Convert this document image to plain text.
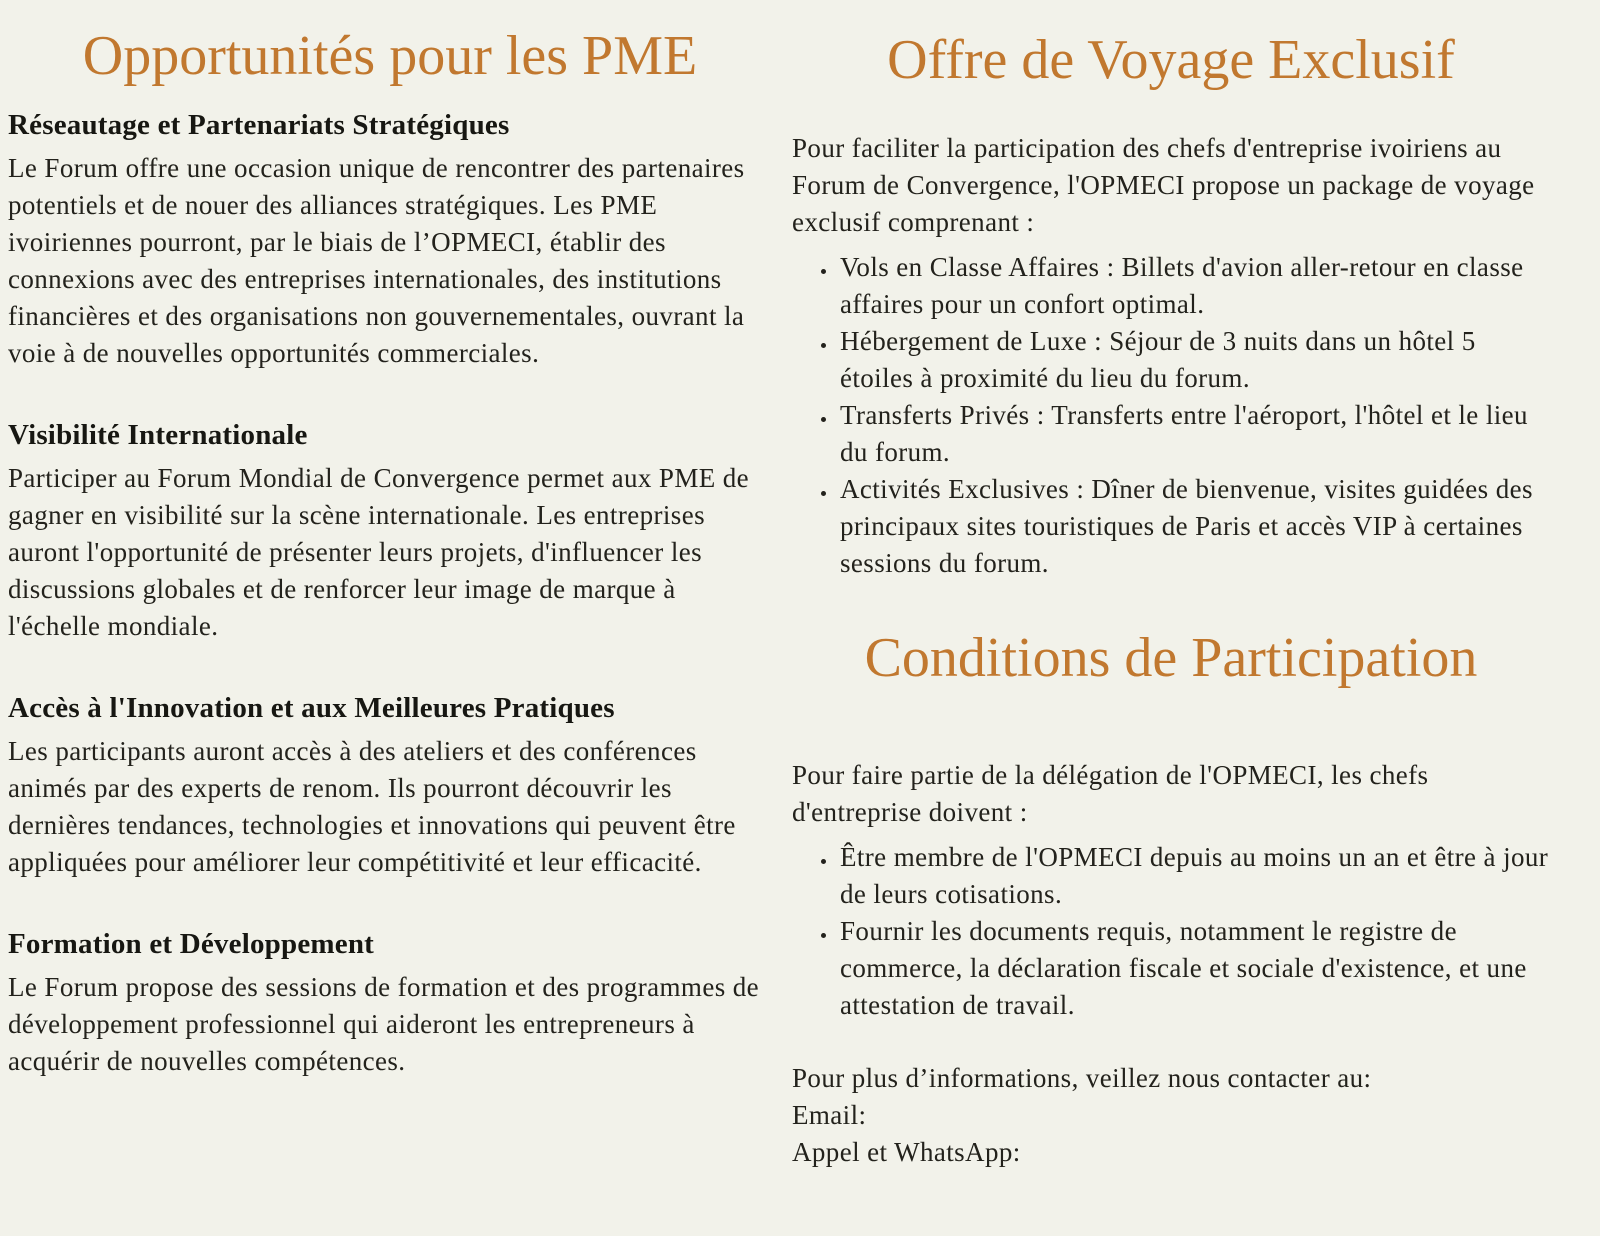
Opportunités pour les PME
Réseautage et Partenariats Stratégiques

Le Forum offre une occasion unique de rencontrer des partenaires potentiels et de nouer des alliances stratégiques. Les PME ivoiriennes pourront, par le biais de l’OPMECI, établir des connexions avec des entreprises internationales, des institutions financières et des organisations non gouvernementales, ouvrant la voie à de nouvelles opportunités commerciales.

Visibilité Internationale

Participer au Forum Mondial de Convergence permet aux PME de gagner en visibilité sur la scène internationale. Les entreprises auront l'opportunité de présenter leurs projets, d'influencer les discussions globales et de renforcer leur image de marque à l'échelle mondiale.

Accès à l'Innovation et aux Meilleures Pratiques

Les participants auront accès à des ateliers et des conférences animés par des experts de renom. Ils pourront découvrir les dernières tendances, technologies et innovations qui peuvent être appliquées pour améliorer leur compétitivité et leur efficacité.

Formation et Développement

Le Forum propose des sessions de formation et des programmes de développement professionnel qui aideront les entrepreneurs à acquérir de nouvelles compétences.

Offre de Voyage Exclusif

Pour faciliter la participation des chefs d'entreprise ivoiriens au Forum de Convergence, l'OPMECI propose un package de voyage exclusif comprenant :

• Vols en Classe Affaires : Billets d'avion aller-retour en classe affaires pour un confort optimal.
• Hébergement de Luxe : Séjour de 3 nuits dans un hôtel 5 étoiles à proximité du lieu du forum.
• Transferts Privés : Transferts entre l'aéroport, l'hôtel et le lieu du forum.
• Activités Exclusives : Dîner de bienvenue, visites guidées des principaux sites touristiques de Paris et accès VIP à certaines sessions du forum.
Conditions de Participation

Pour faire partie de la délégation de l'OPMECI, les chefs d'entreprise doivent :

• Être membre de l'OPMECI depuis au moins un an et être à jour de leurs cotisations.
• Fournir les documents requis, notamment le registre de commerce, la déclaration fiscale et sociale d'existence, et une attestation de travail.

Pour plus d’informations, veillez nous contacter au:

Email:

Appel et WhatsApp:
